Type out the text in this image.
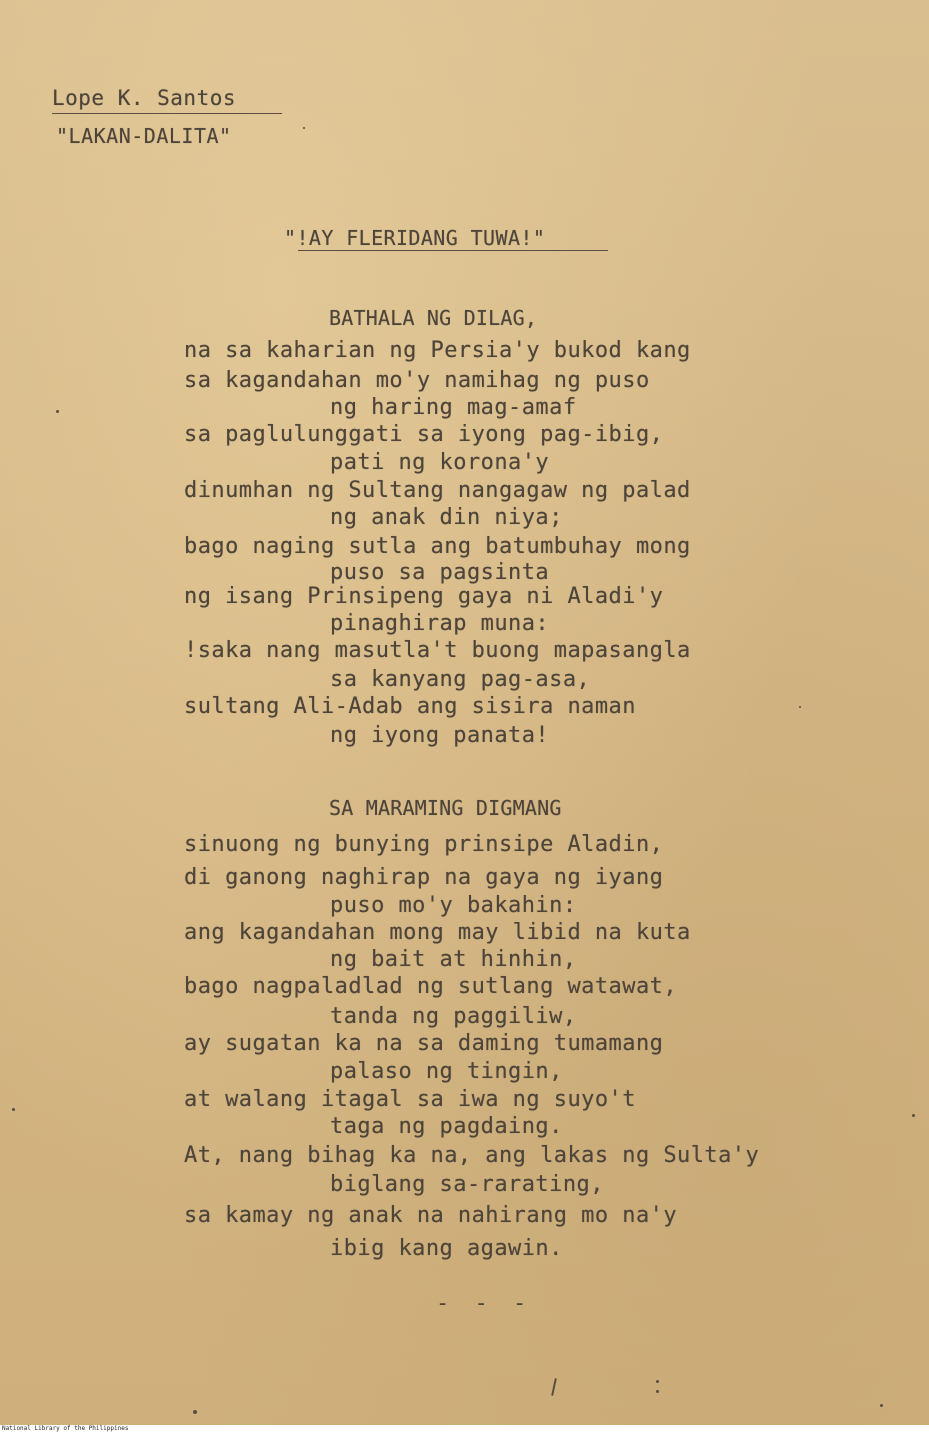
Lope K. Santos
"LAKAN-DALITA"
"!AY FLERIDANG TUWA!"
BATHALA NG DILAG,
na sa kaharian ng Persia'y bukod kang
sa kagandahan mo'y namihag ng puso
ng haring mag-amaf
sa paglulunggati sa iyong pag-ibig,
pati ng korona'y
dinumhan ng Sultang nangagaw ng palad
ng anak din niya;
bago naging sutla ang batumbuhay mong
puso sa pagsinta
ng isang Prinsipeng gaya ni Aladi'y
pinaghirap muna:
!saka nang masutla't buong mapasangla
sa kanyang pag-asa,
sultang Ali-Adab ang sisira naman
ng iyong panata!
SA MARAMING DIGMANG
sinuong ng bunying prinsipe Aladin,
di ganong naghirap na gaya ng iyang
puso mo'y bakahin:
ang kagandahan mong may libid na kuta
ng bait at hinhin,
bago nagpaladlad ng sutlang watawat,
tanda ng paggiliw,
ay sugatan ka na sa daming tumamang
palaso ng tingin,
at walang itagal sa iwa ng suyo't
taga ng pagdaing.
At, nang bihag ka na, ang lakas ng Sulta'y
biglang sa-rarating,
sa kamay ng anak na nahirang mo na'y
ibig kang agawin.
- - -
National Library of the Philippines
